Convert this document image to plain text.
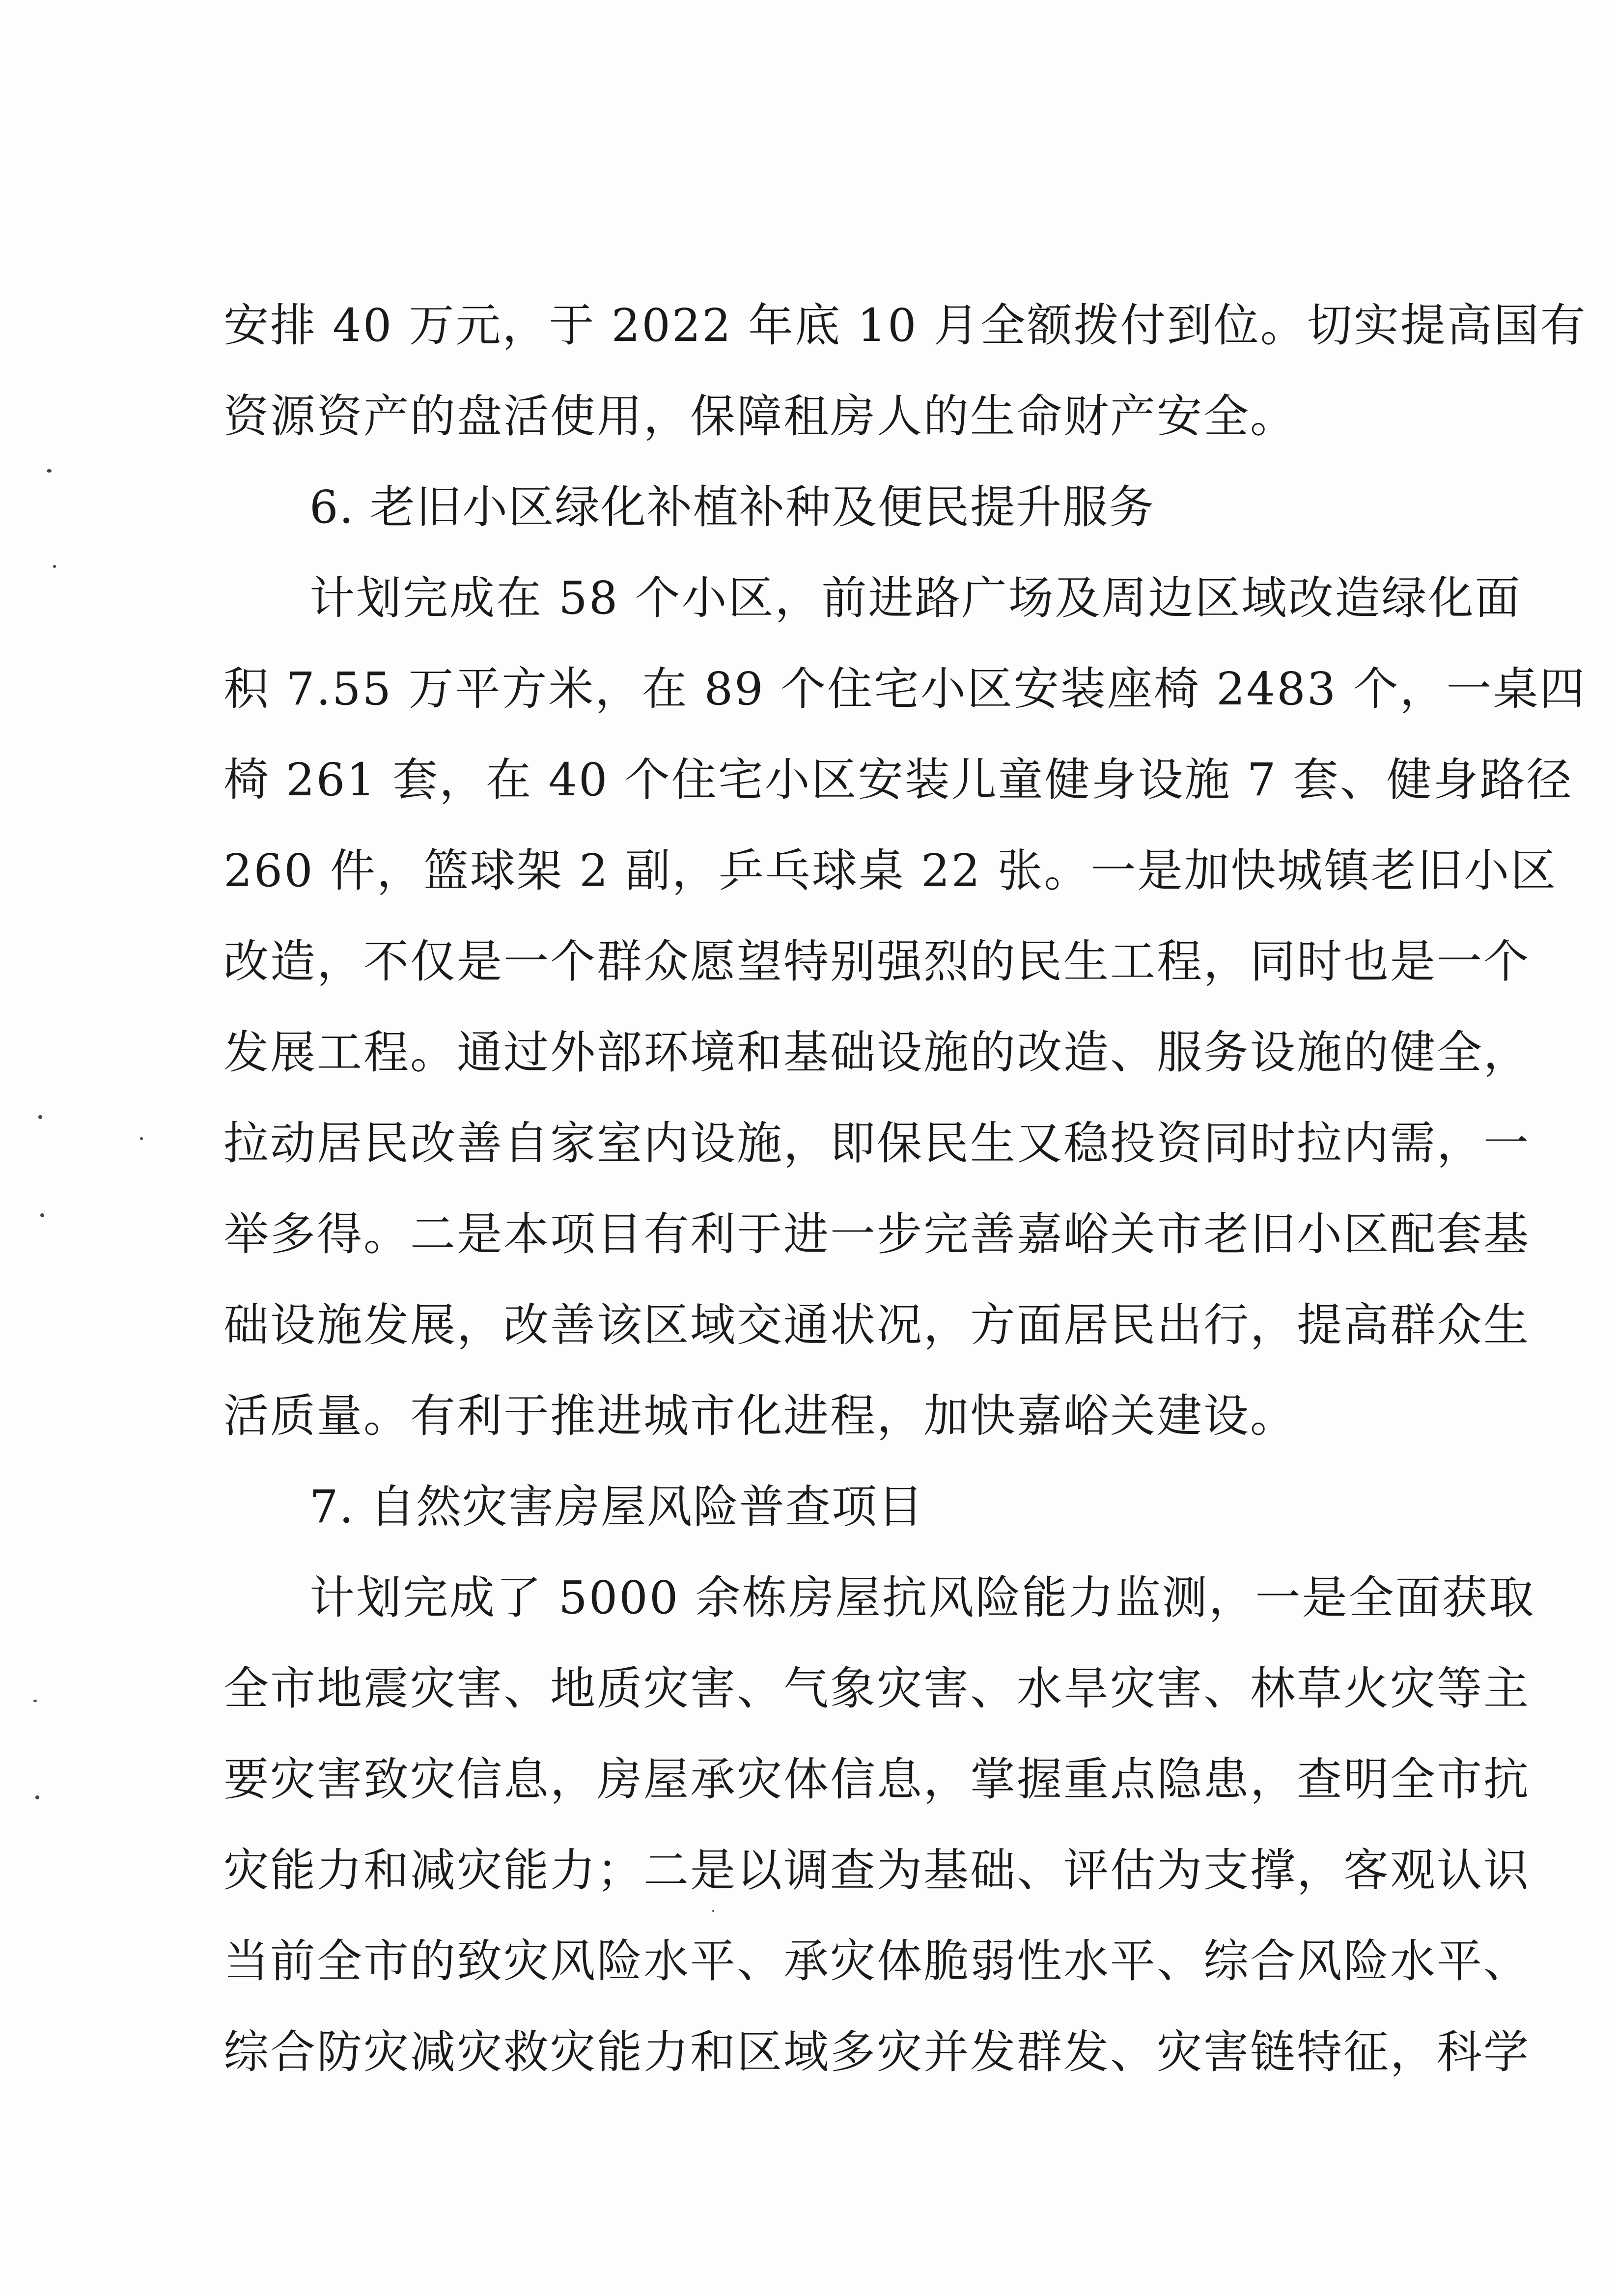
安排 40 万元，于 2022 年底 10 月全额拨付到位。切实提高国有
资源资产的盘活使用，保障租房人的生命财产安全。
6. 老旧小区绿化补植补种及便民提升服务
计划完成在 58 个小区，前进路广场及周边区域改造绿化面
积 7.55 万平方米，在 89 个住宅小区安装座椅 2483 个，一桌四
椅 261 套，在 40 个住宅小区安装儿童健身设施 7 套、健身路径
260 件，篮球架 2 副，乒乓球桌 22 张。一是加快城镇老旧小区
改造，不仅是一个群众愿望特别强烈的民生工程，同时也是一个
发展工程。通过外部环境和基础设施的改造、服务设施的健全，
拉动居民改善自家室内设施，即保民生又稳投资同时拉内需，一
举多得。二是本项目有利于进一步完善嘉峪关市老旧小区配套基
础设施发展，改善该区域交通状况，方面居民出行，提高群众生
活质量。有利于推进城市化进程，加快嘉峪关建设。
7. 自然灾害房屋风险普查项目
计划完成了 5000 余栋房屋抗风险能力监测，一是全面获取
全市地震灾害、地质灾害、气象灾害、水旱灾害、林草火灾等主
要灾害致灾信息，房屋承灾体信息，掌握重点隐患，查明全市抗
灾能力和减灾能力；二是以调查为基础、评估为支撑，客观认识
当前全市的致灾风险水平、承灾体脆弱性水平、综合风险水平、
综合防灾减灾救灾能力和区域多灾并发群发、灾害链特征，科学
